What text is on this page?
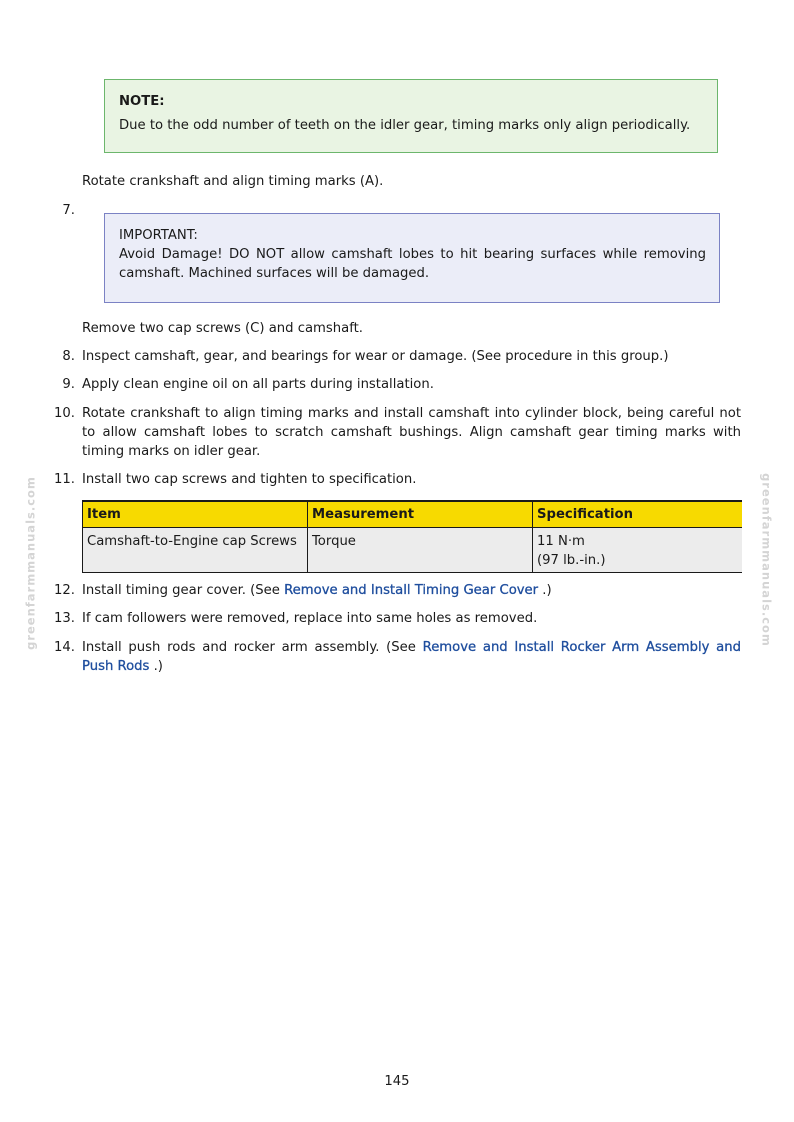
NOTE:
Due to the odd number of teeth on the idler gear, timing marks only align periodically.
Rotate crankshaft and align timing marks (A).
7.
IMPORTANT:
Avoid Damage! DO NOT allow camshaft lobes to hit bearing surfaces while removing camshaft. Machined surfaces will be damaged.
Remove two cap screws (C) and camshaft.
8. Inspect camshaft, gear, and bearings for wear or damage. (See procedure in this group.)
9. Apply clean engine oil on all parts during installation.
10. Rotate crankshaft to align timing marks and install camshaft into cylinder block, being careful not to allow camshaft lobes to scratch camshaft bushings. Align camshaft gear timing marks with timing marks on idler gear.
11. Install two cap screws and tighten to specification.
Item	Measurement	Specification
Camshaft-to-Engine cap Screws	Torque	11 N·m
(97 lb.-in.)
12. Install timing gear cover. (See Remove and Install Timing Gear Cover .)
13. If cam followers were removed, replace into same holes as removed.
14. Install push rods and rocker arm assembly. (See Remove and Install Rocker Arm Assembly and Push Rods .)
greenfarmmanuals.com	greenfarmmanuals.com
145
